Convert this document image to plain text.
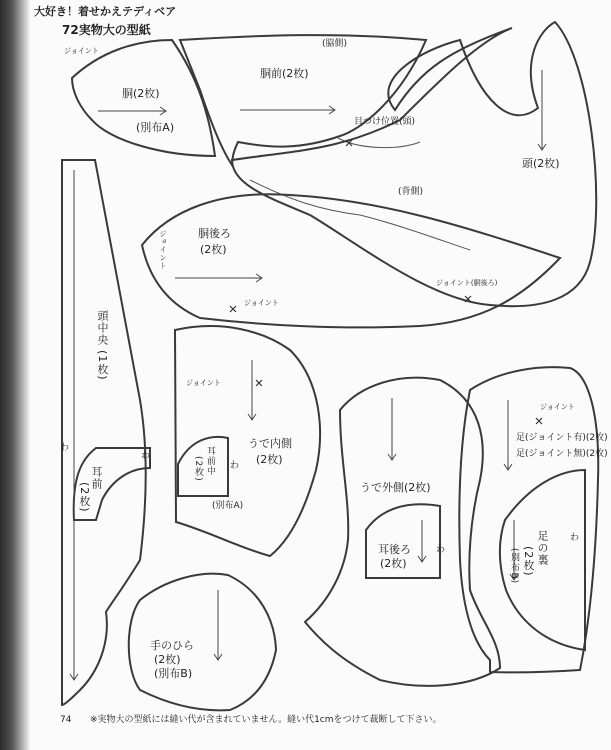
大好き！着せかえテディベア
72実物大の型紙
ジョイント
胴(2枚)
(別布A)
胴前(2枚)
(脇側)
目つけ位置(頭)
頭(2枚)
(背側)
ジョイント(胴後ろ)
胴後ろ
(2枚)
ジョイント
ジョイント
頭中央
(1枚)
わ
耳前
(2枚)
わ
ジョイント
うで内側
(2枚)
耳前中
(2枚)
(別布A)
わ
うで外側(2枚)
耳後ろ
(2枚)
わ
手のひら
(2枚)
(別布B)
ジョイント
足(ジョイント有)(2枚)
足(ジョイント無)(2枚)
わ
足の裏
(2枚)
(別布B)
74 ※実物大の型紙には縫い代が含まれていません。縫い代1cmをつけて裁断して下さい。
